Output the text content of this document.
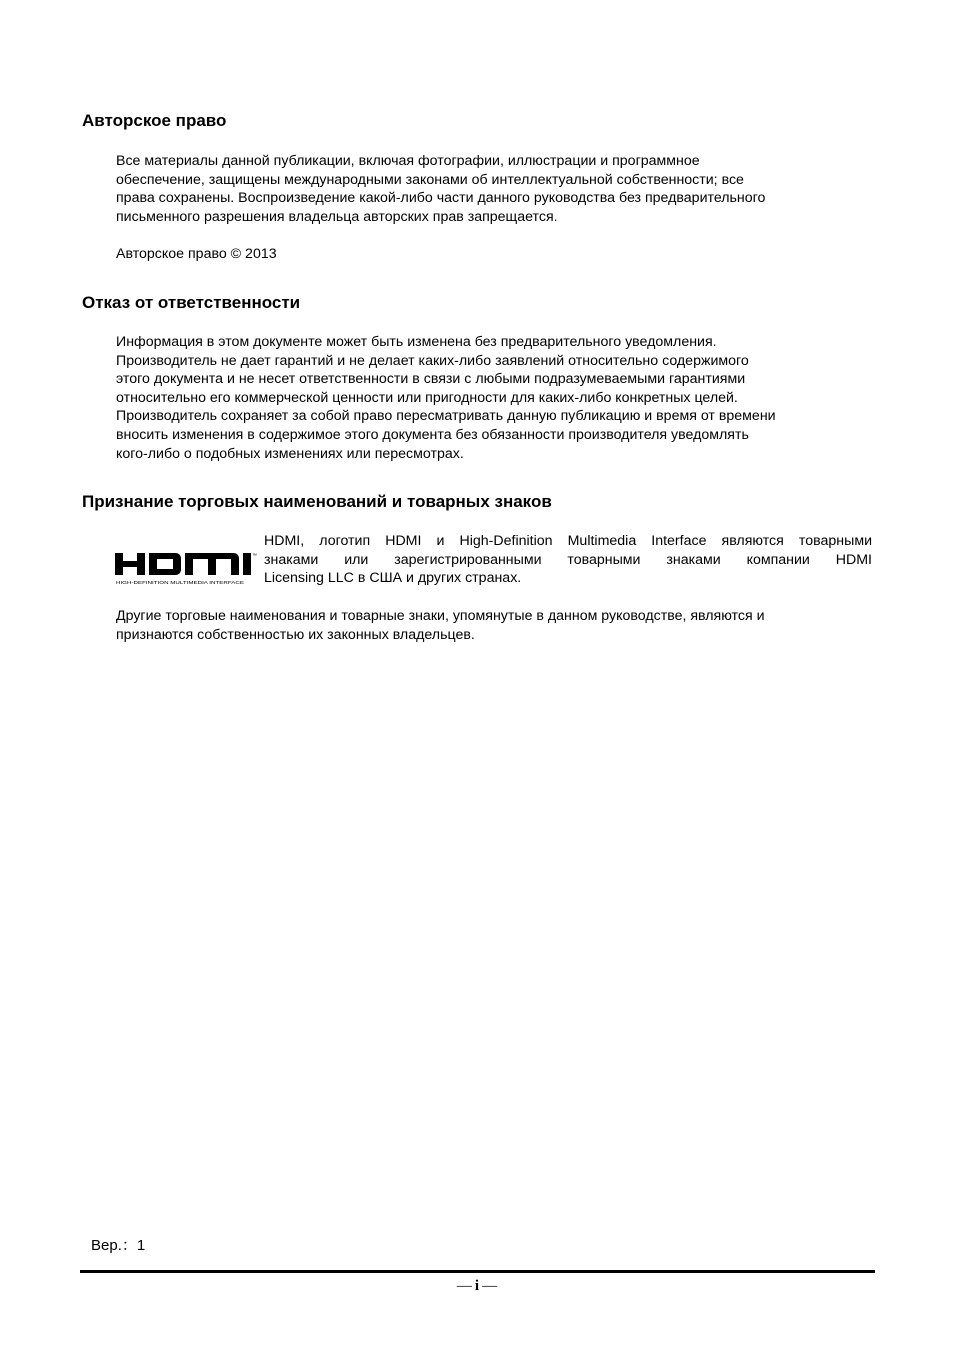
Авторское право
Все материалы данной публикации, включая фотографии, иллюстрации и программное
обеспечение, защищены международными законами об интеллектуальной собственности; все
права сохранены. Воспроизведение какой-либо части данного руководства без предварительного
письменного разрешения владельца авторских прав запрещается.
Авторское право © 2013
Отказ от ответственности
Информация в этом документе может быть изменена без предварительного уведомления.
Производитель не дает гарантий и не делает каких-либо заявлений относительно содержимого
этого документа и не несет ответственности в связи с любыми подразумеваемыми гарантиями
относительно его коммерческой ценности или пригодности для каких-либо конкретных целей.
Производитель сохраняет за собой право пересматривать данную публикацию и время от времени
вносить изменения в содержимое этого документа без обязанности производителя уведомлять
кого-либо о подобных изменениях или пересмотрах.
Признание торговых наименований и товарных знаков
™
HIGH-DEFINITION MULTIMEDIA INTERFACE
HDMI, логотип HDMI и High-Definition Multimedia Interface являются товарными
знаками или зарегистрированными товарными знаками компании HDMI
Licensing LLC в США и других странах.
Другие торговые наименования и товарные знаки, упомянутые в данном руководстве, являются и
признаются собственностью их законных владельцев.

Вер.：1

— i —
